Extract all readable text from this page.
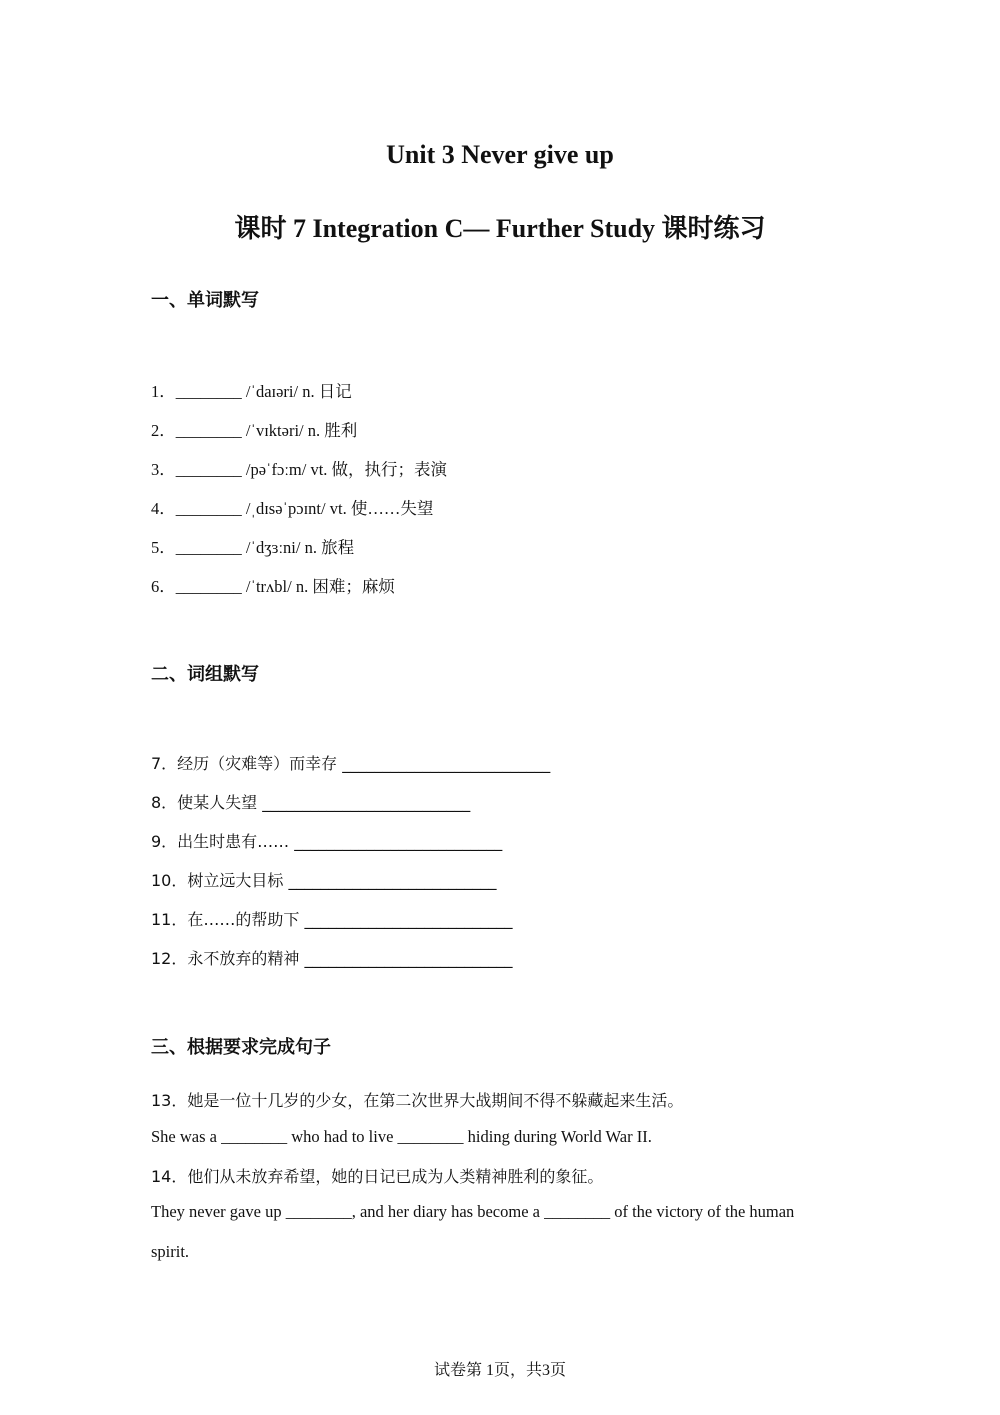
Unit 3 Never give up
课时 7 Integration C— Further Study 课时练习
一、单词默写
1．________ /ˈdaɪəri/ n. 日记
2．________ /ˈvɪktəri/ n. 胜利
3．________ /pəˈfɔːm/ vt. 做，执行；表演
4．________ /ˌdɪsəˈpɔɪnt/ vt. 使……失望
5．________ /ˈdʒɜːni/ n. 旅程
6．________ /ˈtrʌbl/ n. 困难；麻烦
二、词组默写
7．经历（灾难等）而幸存 __________________________
8．使某人失望 __________________________
9．出生时患有…… __________________________
10．树立远大目标 __________________________
11．在……的帮助下 __________________________
12．永不放弃的精神 __________________________
三、根据要求完成句子
13．她是一位十几岁的少女，在第二次世界大战期间不得不躲藏起来生活。
She was a ________ who had to live ________ hiding during World War II.
14．他们从未放弃希望，她的日记已成为人类精神胜利的象征。
They never gave up ________, and her diary has become a ________ of the victory of the human
spirit.
试卷第 1页，共3页
